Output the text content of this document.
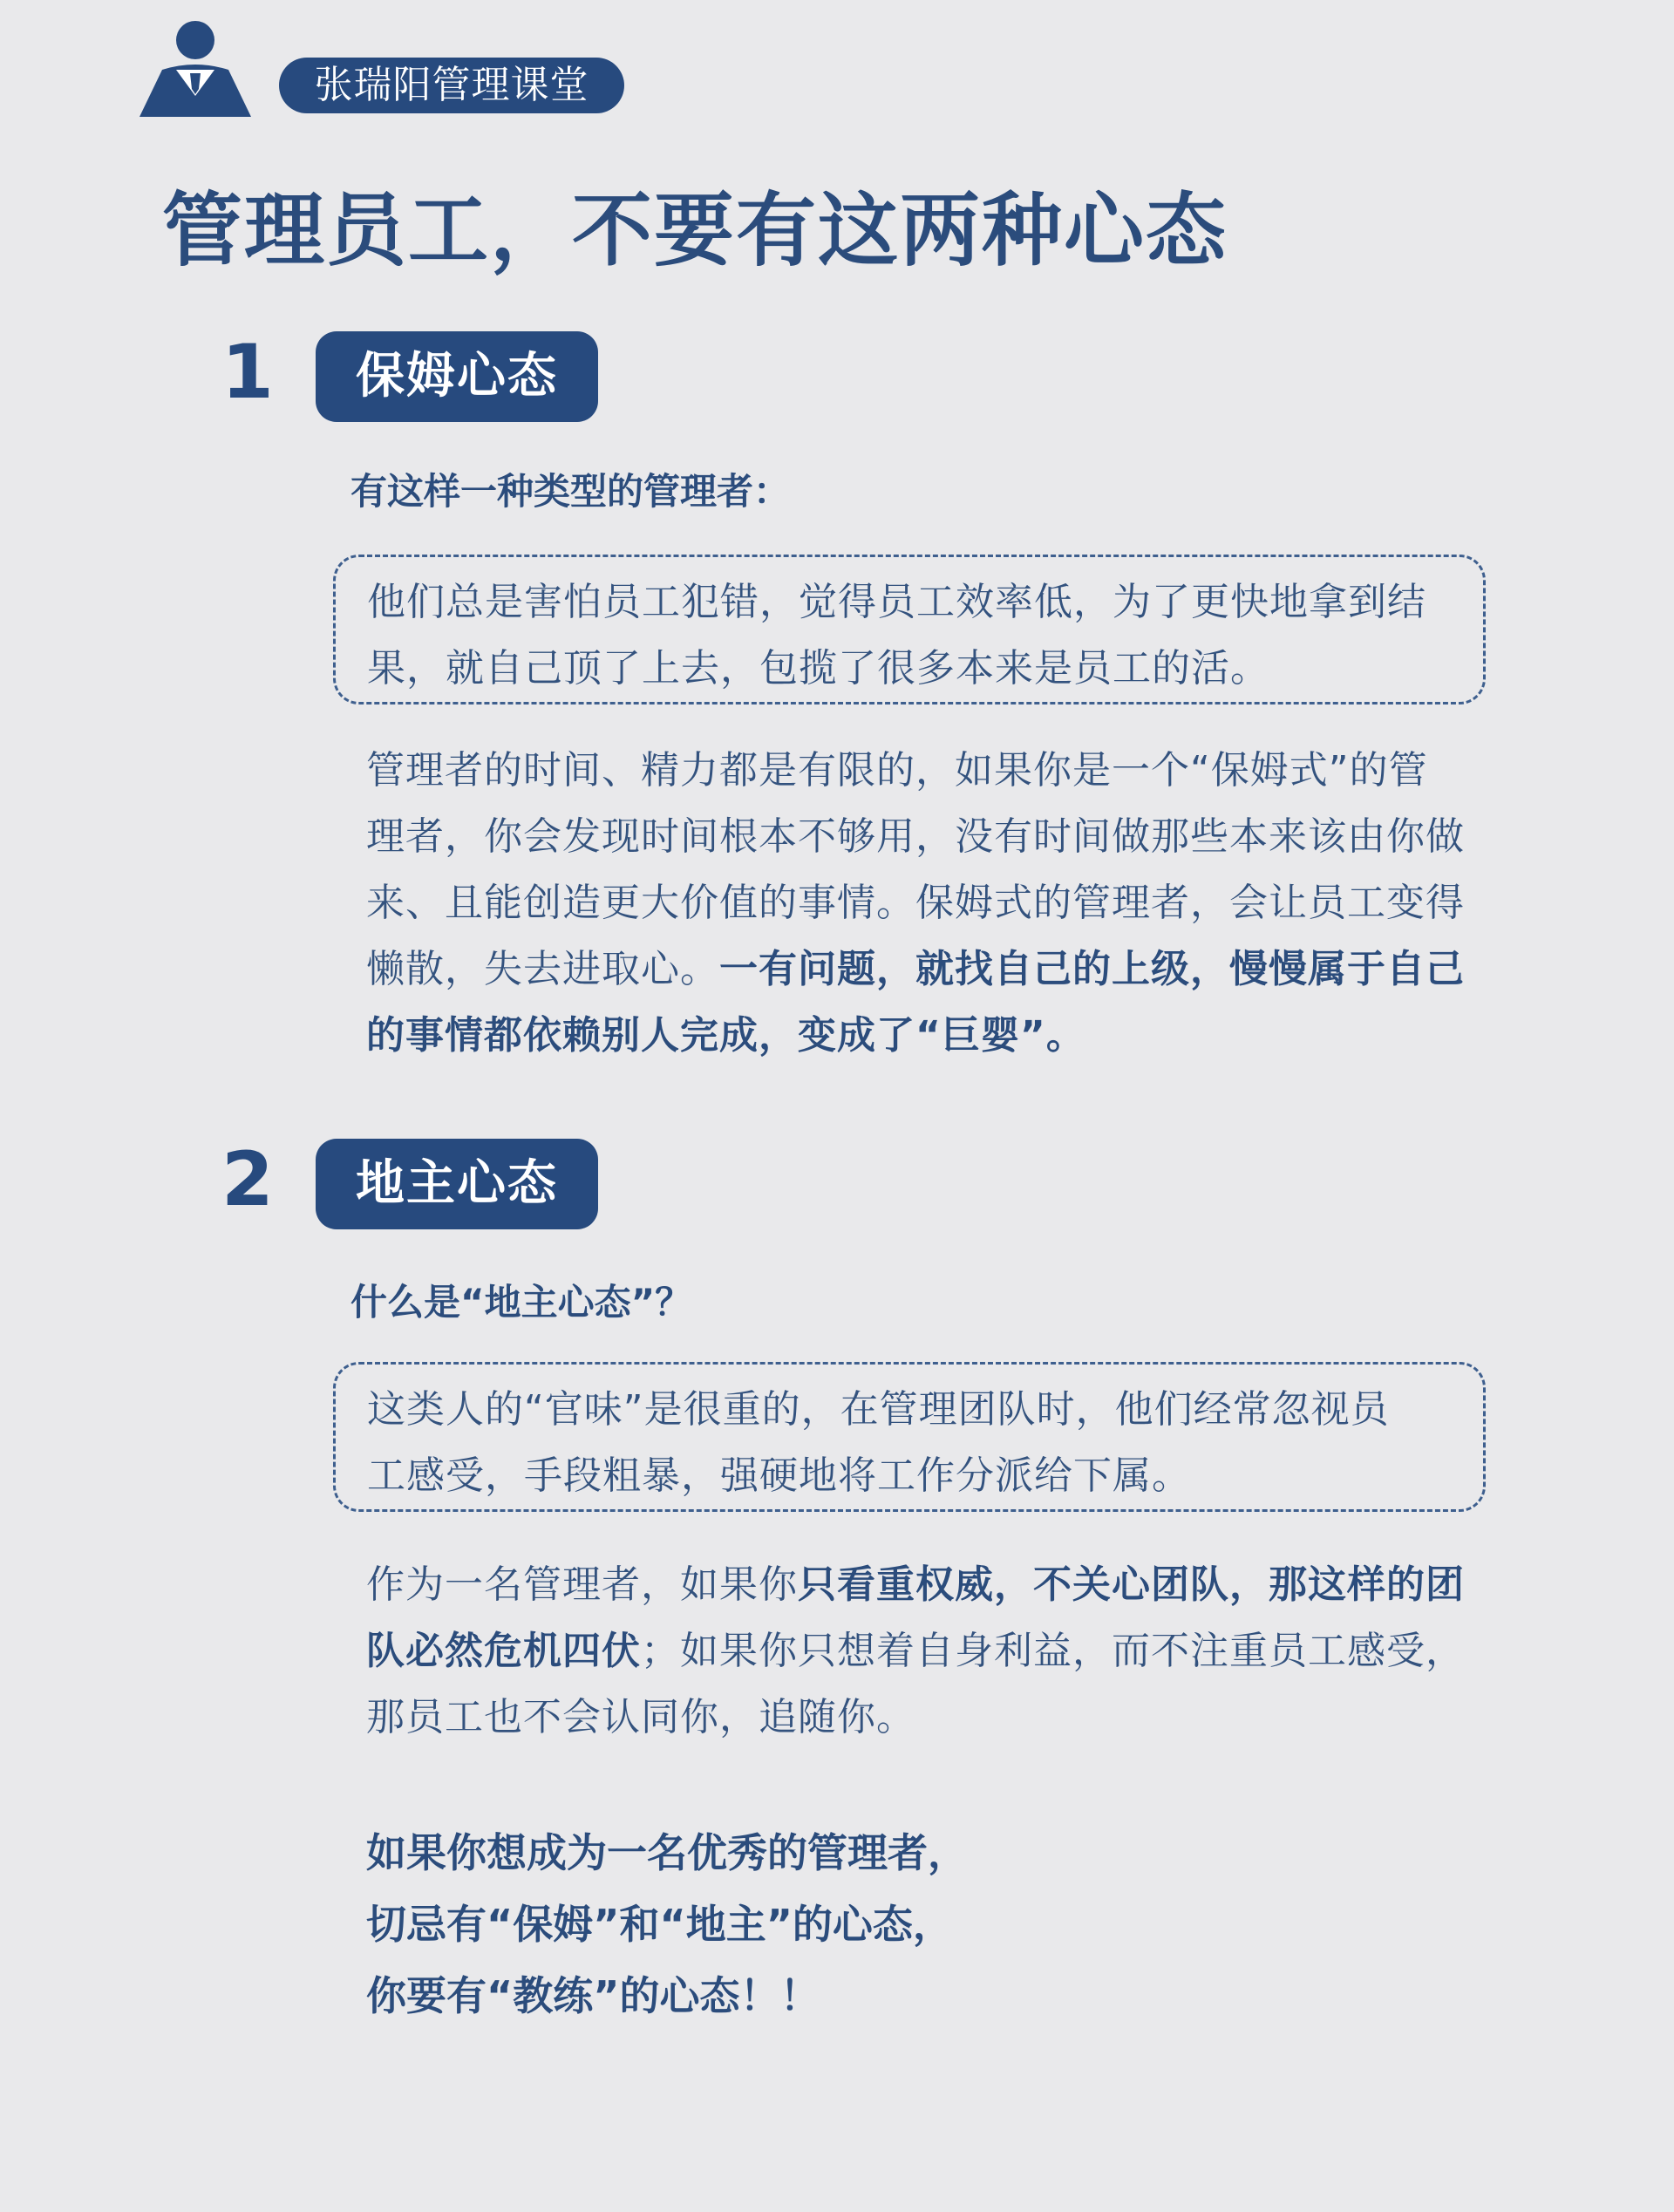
张瑞阳管理课堂
管理员工，不要有这两种心态
1	保姆心态
有这样一种类型的管理者：

他们总是害怕员工犯错，觉得员工效率低，为了更快地拿到结

果，就自己顶了上去，包揽了很多本来是员工的活。

管理者的时间、精力都是有限的，如果你是一个“保姆式”的管理者，你会发现时间根本不够用，没有时间做那些本来该由你做来、且能创造更大价值的事情。保姆式的管理者，会让员工变得懒散，失去进取心。一有问题，就找自己的上级，慢慢属于自己的事情都依赖别人完成，变成了“巨婴”。

2	地主心态
什么是“地主心态”？

这类人的“官味”是很重的，在管理团队时，他们经常忽视员

工感受，手段粗暴，强硬地将工作分派给下属。

作为一名管理者，如果你只看重权威，不关心团队，那这样的团队必然危机四伏；如果你只想着自身利益，而不注重员工感受，那员工也不会认同你，追随你。

如果你想成为一名优秀的管理者，
切忌有“保姆”和“地主”的心态，
你要有“教练”的心态！！
